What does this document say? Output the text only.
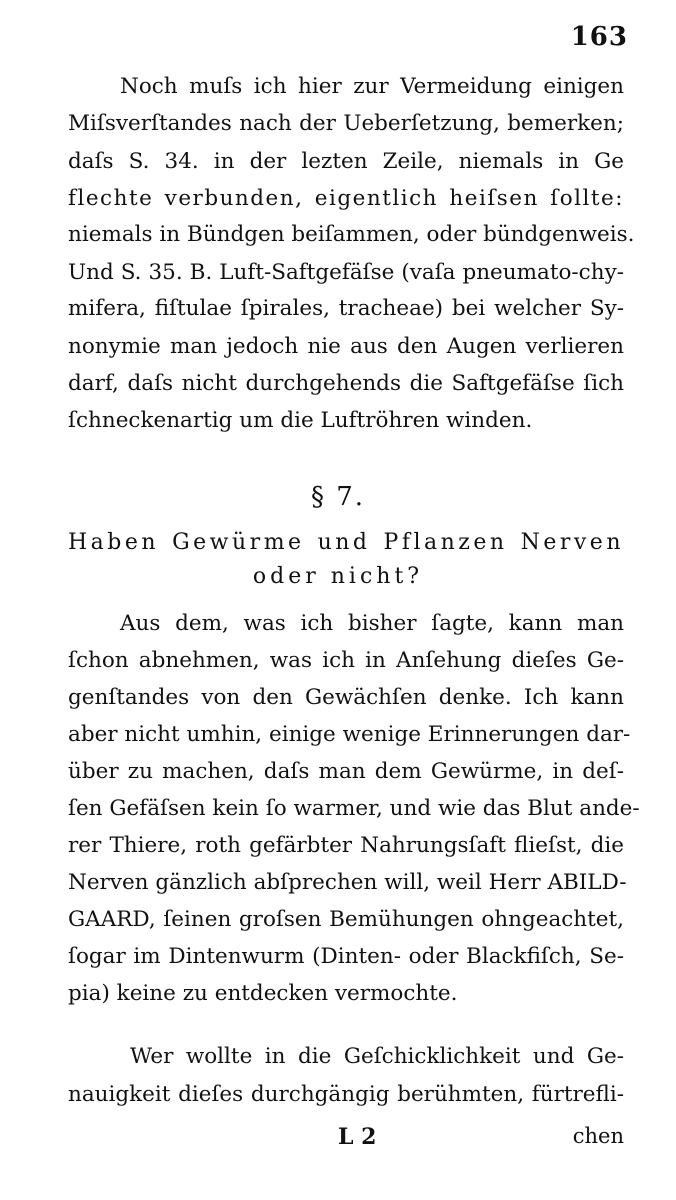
163
Noch muſs ich hier zur Vermeidung einigen
Miſsverſtandes nach der Ueberſetzung, bemerken;
daſs S. 34. in der lezten Zeile, niemals in Ge
flechte verbunden, eigentlich heiſsen ſollte:
niemals in Bündgen beiſammen, oder bündgenweis.
Und S. 35. B. Luft-Saftgefäſse (vaſa pneumato-chy-
mifera, fiſtulae ſpirales, tracheae) bei welcher Sy-
nonymie man jedoch nie aus den Augen verlieren
darf, daſs nicht durchgehends die Saftgefäſse ſich
ſchneckenartig um die Luftröhren winden.
§ 7.
Haben Gewürme und Pflanzen Nerven
oder nicht?
Aus dem, was ich bisher ſagte, kann man
ſchon abnehmen, was ich in Anſehung dieſes Ge-
genſtandes von den Gewächſen denke. Ich kann
aber nicht umhin, einige wenige Erinnerungen dar-
über zu machen, daſs man dem Gewürme, in deſ-
ſen Gefäſsen kein ſo warmer, und wie das Blut ande-
rer Thiere, roth gefärbter Nahrungsſaft flieſst, die
Nerven gänzlich abſprechen will, weil Herr ABILD-
GAARD, ſeinen groſsen Bemühungen ohngeachtet,
ſogar im Dintenwurm (Dinten- oder Blackfiſch, Se-
pia) keine zu entdecken vermochte.
Wer wollte in die Geſchicklichkeit und Ge-
nauigkeit dieſes durchgängig berühmten, fürtrefli-
L 2	chen
